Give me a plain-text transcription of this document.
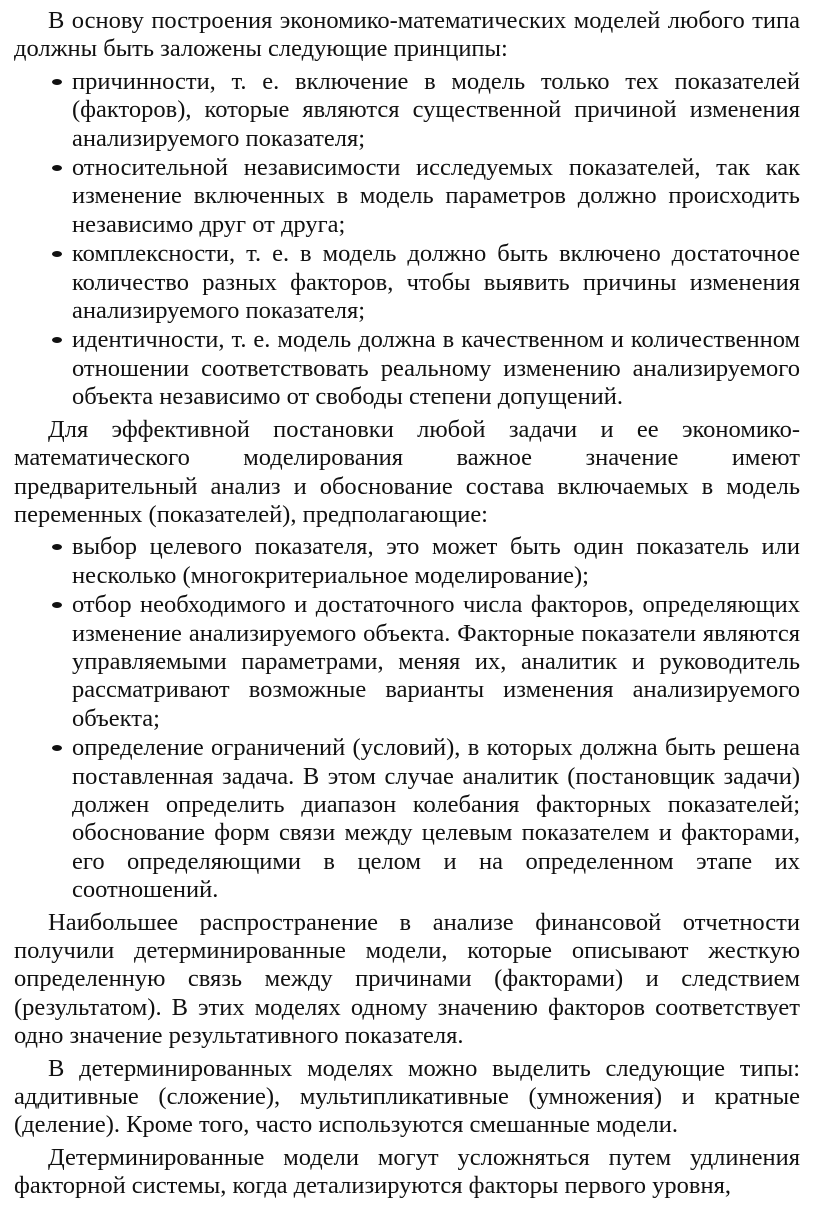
В основу построения экономико-математических моделей любого типа должны быть заложены следующие принципы:

причинности, т. е. включение в модель только тех показателей (факторов), которые являются существенной причиной изменения анализируемого показателя;
относительной независимости исследуемых показателей, так как изменение включенных в модель параметров должно происходить независимо друг от друга;
комплексности, т. е. в модель должно быть включено достаточное количество разных факторов, чтобы выявить причины изменения анализируемого показателя;
идентичности, т. е. модель должна в качественном и количественном отношении соответствовать реальному изменению анализируемого объекта независимо от свободы степени допущений.

Для эффективной постановки любой задачи и ее экономико-математического моделирования важное значение имеют предварительный анализ и обоснование состава включаемых в модель переменных (показателей), предполагающие:

выбор целевого показателя, это может быть один показатель или несколько (многокритериальное моделирование);
отбор необходимого и достаточного числа факторов, определяющих изменение анализируемого объекта. Факторные показатели являются управляемыми параметрами, меняя их, аналитик и руководитель рассматривают возможные варианты изменения анализируемого объекта;
определение ограничений (условий), в которых должна быть решена поставленная задача. В этом случае аналитик (постановщик задачи) должен определить диапазон колебания факторных показателей; обоснование форм связи между целевым показателем и факторами, его определяющими в целом и на определенном этапе их соотношений.

Наибольшее распространение в анализе финансовой отчетности получили детерминированные модели, которые описывают жесткую определенную связь между причинами (факторами) и следствием (результатом). В этих моделях одному значению факторов соответствует одно значение результативного показателя.

В детерминированных моделях можно выделить следующие типы: аддитивные (сложение), мультипликативные (умножения) и кратные (деление). Кроме того, часто используются смешанные модели.

Детерминированные модели могут усложняться путем удлинения факторной системы, когда детализируются факторы первого уровня,
